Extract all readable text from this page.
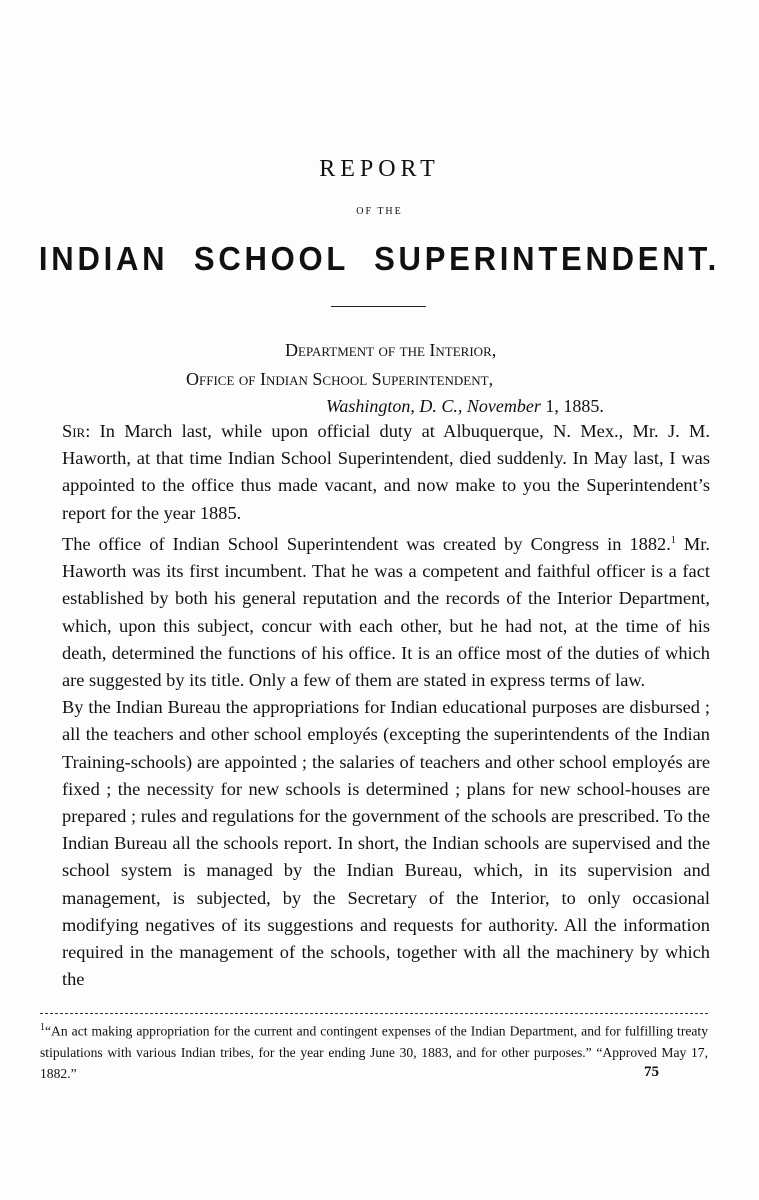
REPORT
OF THE
INDIAN SCHOOL SUPERINTENDENT.
Department of the Interior,
Office of Indian School Superintendent,
Washington, D. C., November 1, 1885.

Sir: In March last, while upon official duty at Albuquerque, N. Mex., Mr. J. M. Haworth, at that time Indian School Superintendent, died suddenly. In May last, I was appointed to the office thus made vacant, and now make to you the Superintendent’s report for the year 1885.

The office of Indian School Superintendent was created by Congress in 1882.$^1$ Mr. Haworth was its first incumbent. That he was a competent and faithful officer is a fact established by both his general reputation and the records of the Interior Department, which, upon this subject, concur with each other, but he had not, at the time of his death, determined the functions of his office. It is an office most of the duties of which are suggested by its title. Only a few of them are stated in express terms of law.

By the Indian Bureau the appropriations for Indian educational purposes are disbursed ; all the teachers and other school employés (excepting the superintendents of the Indian Training-schools) are appointed ; the salaries of teachers and other school employés are fixed ; the necessity for new schools is determined ; plans for new school-houses are prepared ; rules and regulations for the government of the schools are prescribed. To the Indian Bureau all the schools report. In short, the Indian schools are supervised and the school system is managed by the Indian Bureau, which, in its supervision and management, is subjected, by the Secretary of the Interior, to only occasional modifying negatives of its suggestions and requests for authority. All the information required in the management of the schools, together with all the machinery by which the

$^1$“An act making appropriation for the current and contingent expenses of the Indian Department, and for fulfilling treaty stipulations with various Indian tribes, for the year ending June 30, 1883, and for other purposes.” “Approved May 17, 1882.”	75
